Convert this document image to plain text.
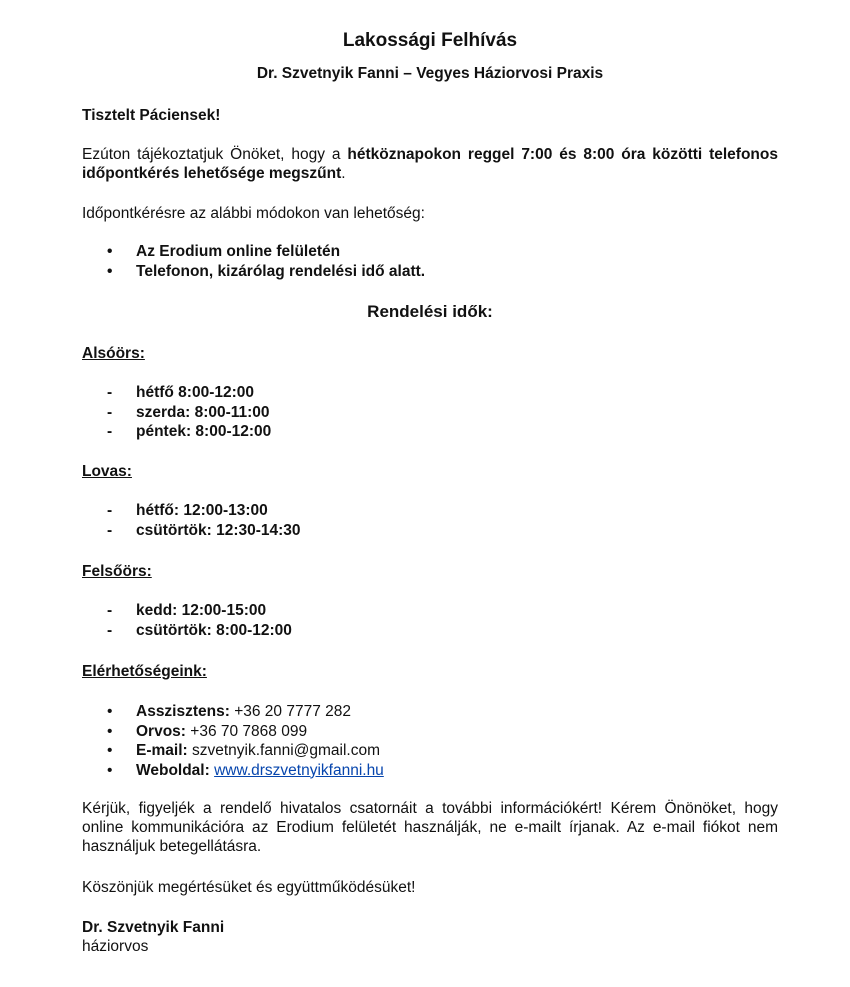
Lakossági Felhívás
Dr. Szvetnyik Fanni – Vegyes Háziorvosi Praxis
Tisztelt Páciensek!
Ezúton tájékoztatjuk Önöket, hogy a hétköznapokon reggel 7:00 és 8:00 óra közötti telefonos időpontkérés lehetősége megszűnt.
Időpontkérésre az alábbi módokon van lehetőség:
• Az Erodium online felületén
• Telefonon, kizárólag rendelési idő alatt.
Rendelési idők:
Alsóörs:
- hétfő 8:00-12:00
- szerda: 8:00-11:00
- péntek: 8:00-12:00
Lovas:
- hétfő: 12:00-13:00
- csütörtök: 12:30-14:30
Felsőörs:
- kedd: 12:00-15:00
- csütörtök: 8:00-12:00
Elérhetőségeink:
• Asszisztens: +36 20 7777 282
• Orvos: +36 70 7868 099
• E-mail: szvetnyik.fanni@gmail.com
• Weboldal: www.drszvetnyikfanni.hu
Kérjük, figyeljék a rendelő hivatalos csatornáit a további információkért! Kérem Önönöket, hogy online kommunikációra az Erodium felületét használják, ne e-mailt írjanak. Az e-mail fiókot nem használjuk betegellátásra.
Köszönjük megértésüket és együttműködésüket!
Dr. Szvetnyik Fanni
háziorvos
